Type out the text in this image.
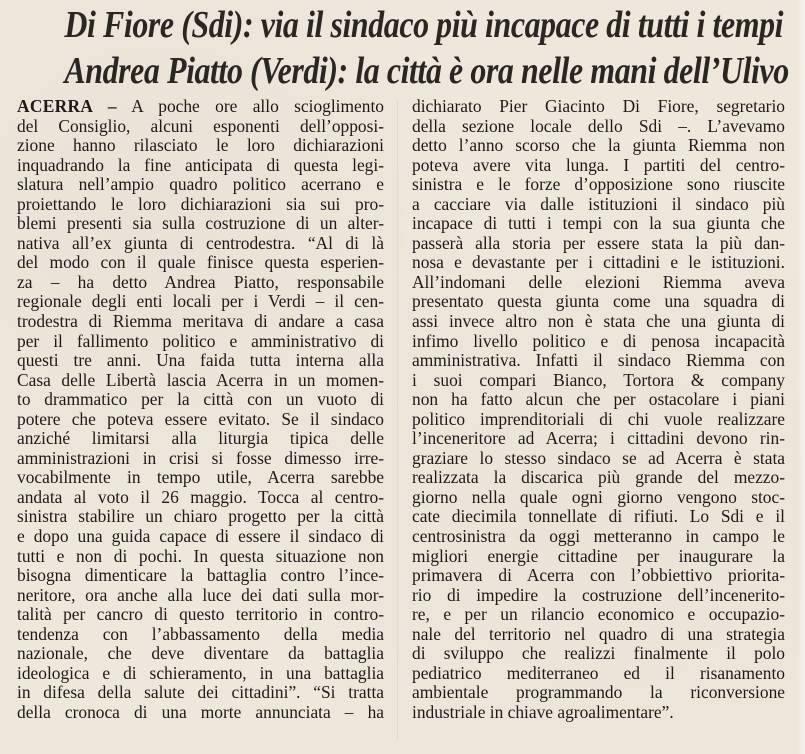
Di Fiore (Sdi): via il sindaco più incapace di tutti i tempi
Andrea Piatto (Verdi): la città è ora nelle mani dell’Ulivo
ACERRA – A poche ore allo scioglimento
del Consiglio, alcuni esponenti dell’opposi-
zione hanno rilasciato le loro dichiarazioni
inquadrando la fine anticipata di questa legi-
slatura nell’ampio quadro politico acerrano e
proiettando le loro dichiarazioni sia sui pro-
blemi presenti sia sulla costruzione di un alter-
nativa all’ex giunta di centrodestra. “Al di là
del modo con il quale finisce questa esperien-
za – ha detto Andrea Piatto, responsabile
regionale degli enti locali per i Verdi – il cen-
trodestra di Riemma meritava di andare a casa
per il fallimento politico e amministrativo di
questi tre anni. Una faida tutta interna alla
Casa delle Libertà lascia Acerra in un momen-
to drammatico per la città con un vuoto di
potere che poteva essere evitato. Se il sindaco
anziché limitarsi alla liturgia tipica delle
amministrazioni in crisi si fosse dimesso irre-
vocabilmente in tempo utile, Acerra sarebbe
andata al voto il 26 maggio. Tocca al centro-
sinistra stabilire un chiaro progetto per la città
e dopo una guida capace di essere il sindaco di
tutti e non di pochi. In questa situazione non
bisogna dimenticare la battaglia contro l’ince-
neritore, ora anche alla luce dei dati sulla mor-
talità per cancro di questo territorio in contro-
tendenza con l’abbassamento della media
nazionale, che deve diventare da battaglia
ideologica e di schieramento, in una battaglia
in difesa della salute dei cittadini”. “Si tratta
della cronoca di una morte annunciata – ha
dichiarato Pier Giacinto Di Fiore, segretario
della sezione locale dello Sdi –. L’avevamo
detto l’anno scorso che la giunta Riemma non
poteva avere vita lunga. I partiti del centro-
sinistra e le forze d’opposizione sono riuscite
a cacciare via dalle istituzioni il sindaco più
incapace di tutti i tempi con la sua giunta che
passerà alla storia per essere stata la più dan-
nosa e devastante per i cittadini e le istituzioni.
All’indomani delle elezioni Riemma aveva
presentato questa giunta come una squadra di
assi invece altro non è stata che una giunta di
infimo livello politico e di penosa incapacità
amministrativa. Infatti il sindaco Riemma con
i suoi compari Bianco, Tortora & company
non ha fatto alcun che per ostacolare i piani
politico imprenditoriali di chi vuole realizzare
l’inceneritore ad Acerra; i cittadini devono rin-
graziare lo stesso sindaco se ad Acerra è stata
realizzata la discarica più grande del mezzo-
giorno nella quale ogni giorno vengono stoc-
cate diecimila tonnellate di rifiuti. Lo Sdi e il
centrosinistra da oggi metteranno in campo le
migliori energie cittadine per inaugurare la
primavera di Acerra con l’obbiettivo priorita-
rio di impedire la costruzione dell’incenerito-
re, e per un rilancio economico e occupazio-
nale del territorio nel quadro di una strategia
di sviluppo che realizzi finalmente il polo
pediatrico mediterraneo ed il risanamento
ambientale programmando la riconversione
industriale in chiave agroalimentare”.
